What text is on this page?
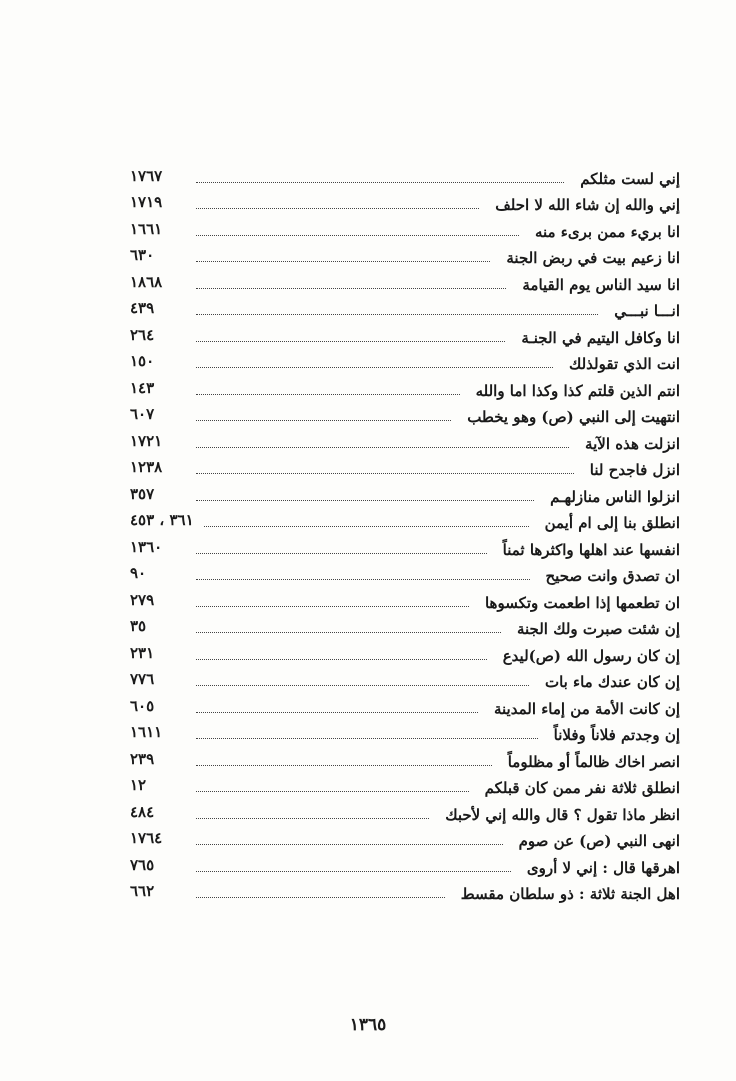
إني لست مثلكم
١٧٦٧
إني والله إن شاء الله لا احلف
١٧١٩
انا بريء ممن برىء منه
١٦٦١
انا زعيم بيت في ربض الجنة
٦٣٠
انا سيد الناس يوم القيامة
١٨٦٨
انـــا نبـــي
٤٣٩
انا وكافل اليتيم في الجنـة
٢٦٤
انت الذي تقولذلك
١٥٠
انتم الذين قلتم كذا وكذا اما والله
١٤٣
انتهيت إلى النبي (ص) وهو يخطب
٦٠٧
انزلت هذه الآية
١٧٢١
انزل فاجدح لنا
١٢٣٨
انزلوا الناس منازلهـم
٣٥٧
انطلق بنا إلى ام أيمن
٣٦١ ، ٤٥٣
انفسها عند اهلها واكثرها ثمناً
١٣٦٠
ان تصدق وانت صحيح
٩٠
ان تطعمها إذا اطعمت وتكسوها
٢٧٩
إن شئت صبرت ولك الجنة
٣٥
إن كان رسول الله (ص)ليدع
٢٣١
إن كان عندك ماء بات
٧٧٦
إن كانت الأمة من إماء المدينة
٦٠٥
إن وجدتم فلاناً وفلاناً
١٦١١
انصر اخاك ظالماً أو مظلوماً
٢٣٩
انطلق ثلاثة نفر ممن كان قبلكم
١٢
انظر ماذا تقول ؟ قال والله إني لأحبك
٤٨٤
انهى النبي (ص) عن صوم
١٧٦٤
اهرقها قال : إني لا أروى
٧٦٥
اهل الجنة ثلاثة : ذو سلطان مقسط
٦٦٢
١٣٦٥
